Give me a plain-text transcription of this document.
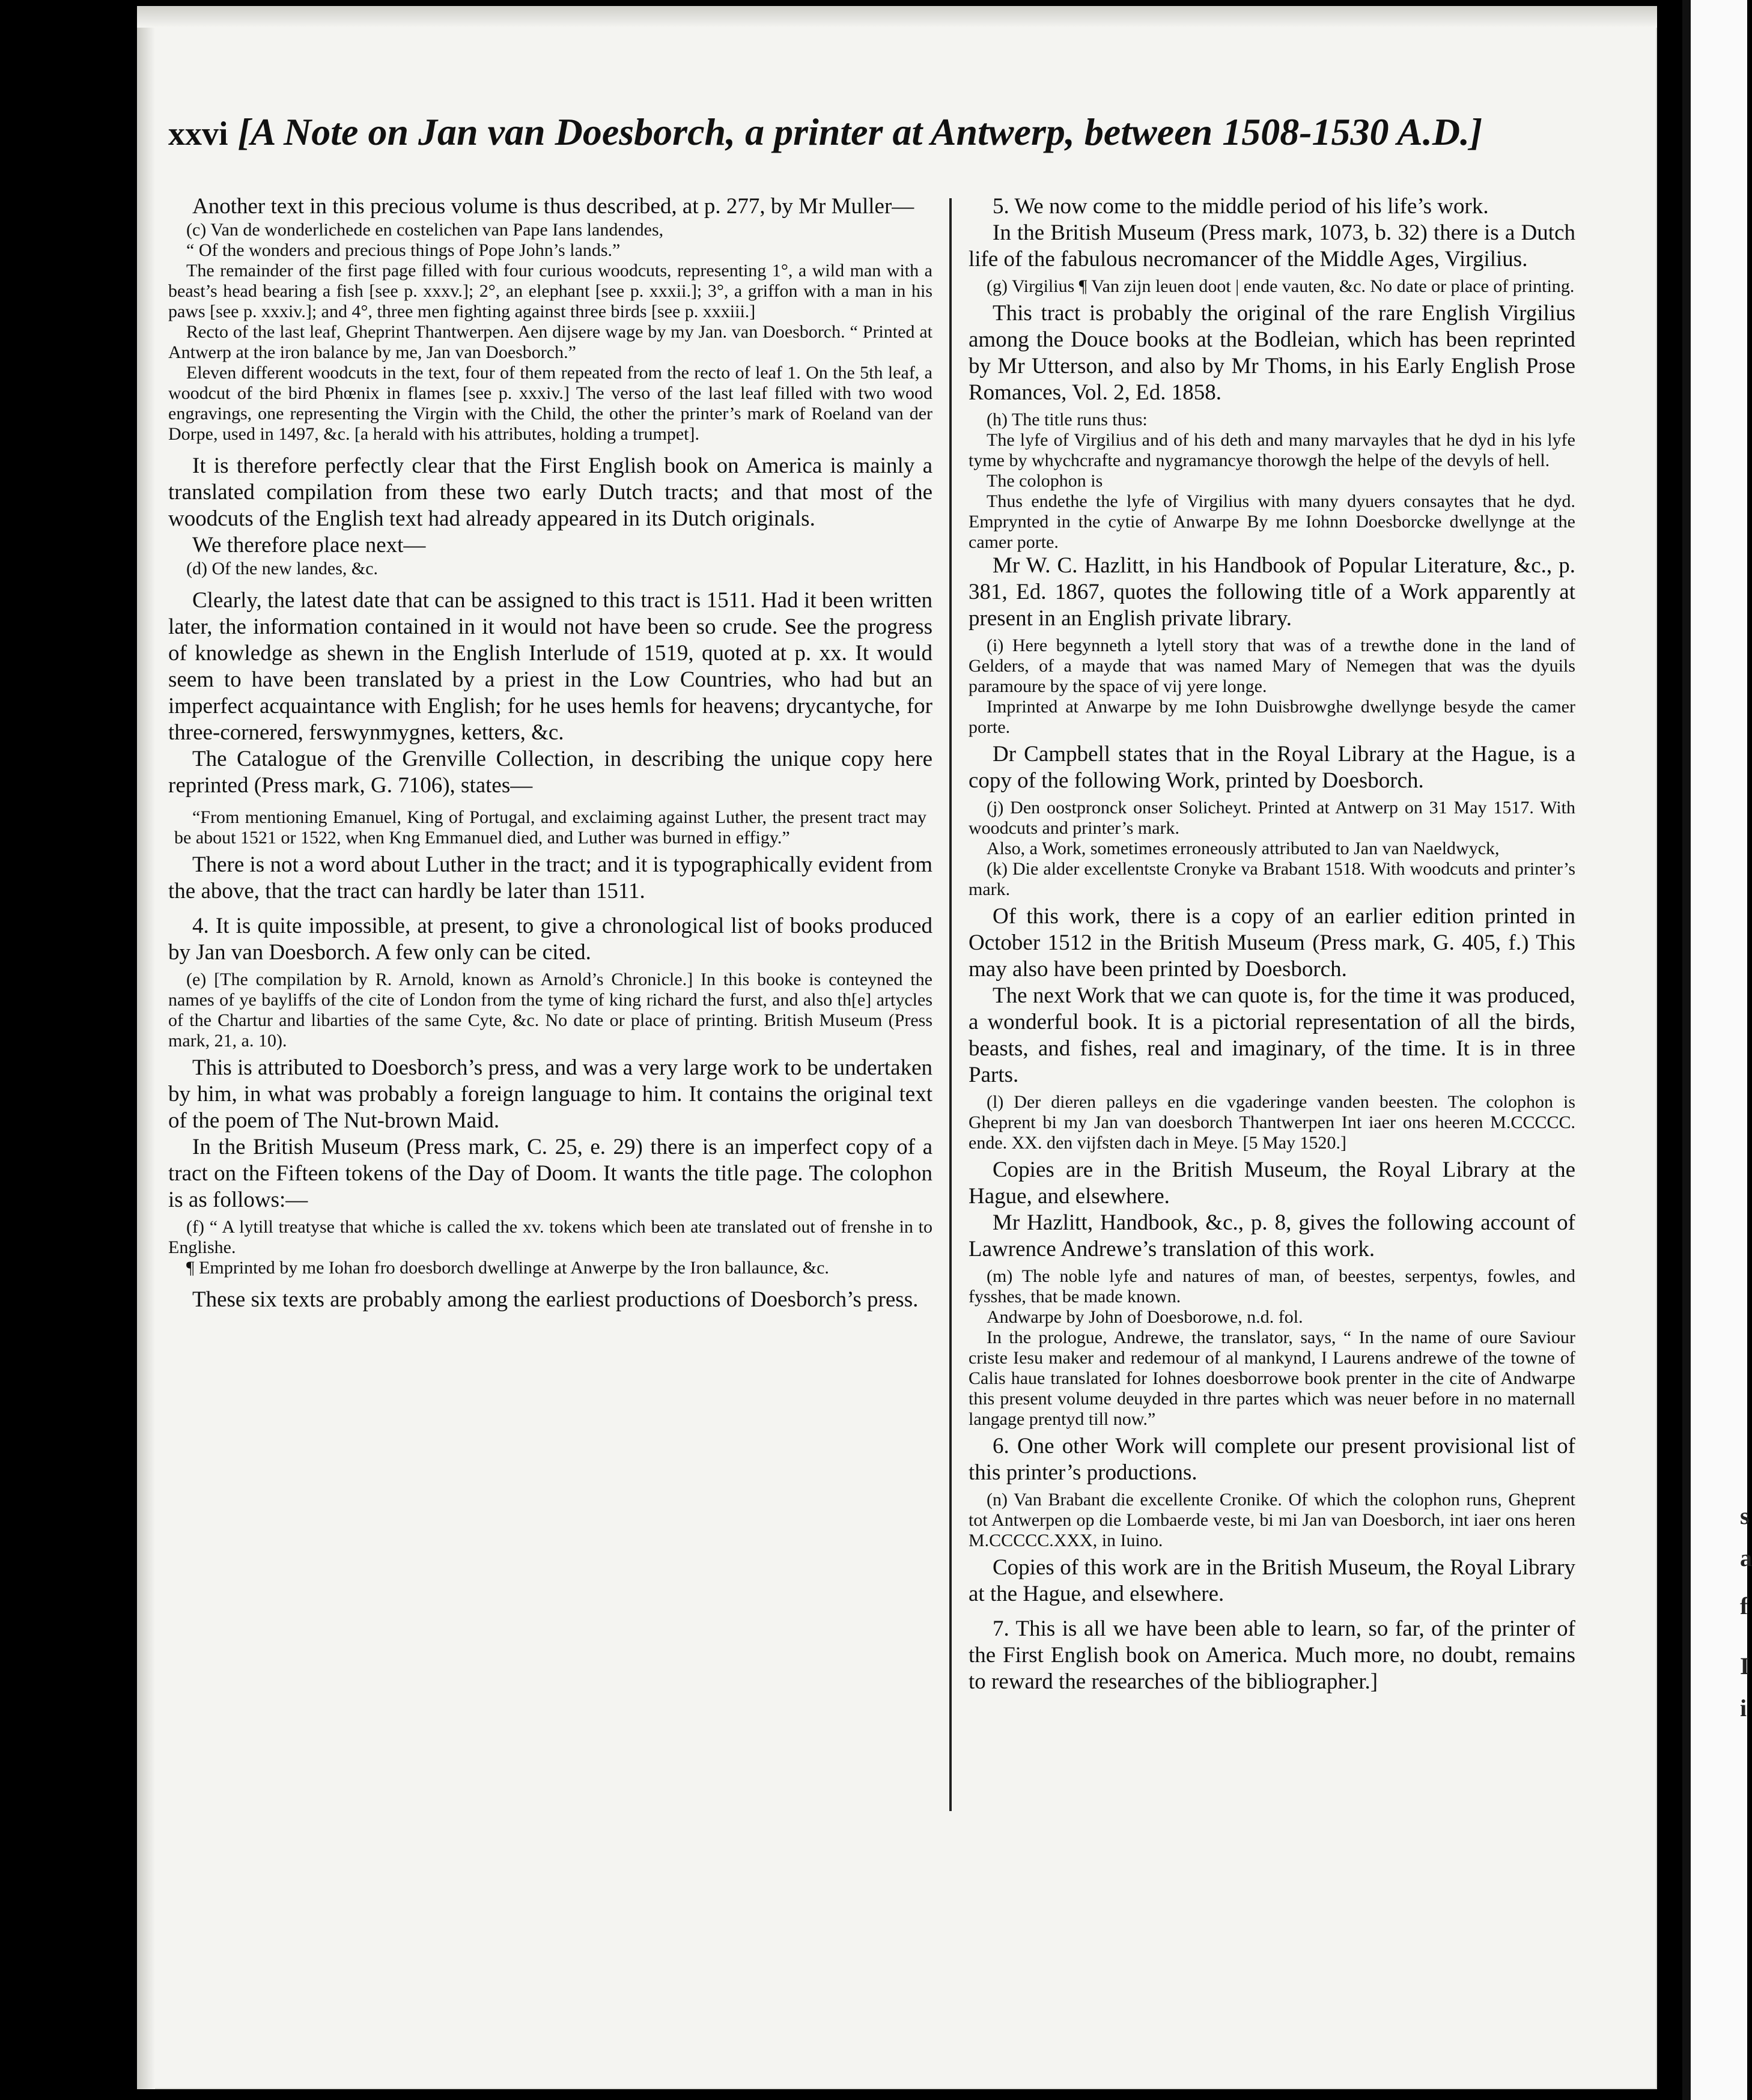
s
a
f
I
i
xxvi [A Note on Jan van Doesborch, a printer at Antwerp, between 1508-1530 A.D.]

Another text in this precious volume is thus described, at p. 277, by Mr Muller—

(c) Van de wonderlichede en costelichen van Pape Ians landendes,

“ Of the wonders and precious things of Pope John’s lands.”

The remainder of the first page filled with four curious woodcuts, representing 1°, a wild man with a beast’s head bearing a fish [see p. xxxv.]; 2°, an elephant [see p. xxxii.]; 3°, a griffon with a man in his paws [see p. xxxiv.]; and 4°, three men fighting against three birds [see p. xxxiii.]

Recto of the last leaf, Gheprint Thantwerpen. Aen dijsere wage by my Jan. van Doesborch. “ Printed at Antwerp at the iron balance by me, Jan van Doesborch.”

Eleven different woodcuts in the text, four of them repeated from the recto of leaf 1. On the 5th leaf, a woodcut of the bird Phœnix in flames [see p. xxxiv.] The verso of the last leaf filled with two wood engravings, one representing the Virgin with the Child, the other the printer’s mark of Roeland van der Dorpe, used in 1497, &c. [a herald with his attributes, holding a trumpet].

It is therefore perfectly clear that the First English book on America is mainly a translated compilation from these two early Dutch tracts; and that most of the woodcuts of the English text had already appeared in its Dutch originals.

We therefore place next—

(d) Of the new landes, &c.

Clearly, the latest date that can be assigned to this tract is 1511. Had it been written later, the information contained in it would not have been so crude. See the progress of knowledge as shewn in the English Interlude of 1519, quoted at p. xx. It would seem to have been translated by a priest in the Low Countries, who had but an imperfect acquaintance with English; for he uses hemls for heavens; drycantyche, for three-cornered, ferswynmygnes, ketters, &c.

The Catalogue of the Grenville Collection, in describing the unique copy here reprinted (Press mark, G. 7106), states—

“From mentioning Emanuel, King of Portugal, and exclaiming against Luther, the present tract may be about 1521 or 1522, when Kng Emmanuel died, and Luther was burned in effigy.”

There is not a word about Luther in the tract; and it is typographically evident from the above, that the tract can hardly be later than 1511.

4. It is quite impossible, at present, to give a chronological list of books produced by Jan van Doesborch. A few only can be cited.

(e) [The compilation by R. Arnold, known as Arnold’s Chronicle.] In this booke is conteyned the names of ye bayliffs of the cite of London from the tyme of king richard the furst, and also th[e] artycles of the Chartur and libarties of the same Cyte, &c. No date or place of printing. British Museum (Press mark, 21, a. 10).

This is attributed to Doesborch’s press, and was a very large work to be undertaken by him, in what was probably a foreign language to him. It contains the original text of the poem of The Nut-brown Maid.

In the British Museum (Press mark, C. 25, e. 29) there is an imperfect copy of a tract on the Fifteen tokens of the Day of Doom. It wants the title page. The colophon is as follows:—

(f) “ A lytill treatyse that whiche is called the xv. tokens which been ate translated out of frenshe in to Englishe.

¶ Emprinted by me Iohan fro doesborch dwellinge at Anwerpe by the Iron ballaunce, &c.

These six texts are probably among the earliest productions of Doesborch’s press.

5. We now come to the middle period of his life’s work.

In the British Museum (Press mark, 1073, b. 32) there is a Dutch life of the fabulous necromancer of the Middle Ages, Virgilius.

(g) Virgilius ¶ Van zijn leuen doot | ende vauten, &c. No date or place of printing.

This tract is probably the original of the rare English Virgilius among the Douce books at the Bodleian, which has been reprinted by Mr Utterson, and also by Mr Thoms, in his Early English Prose Romances, Vol. 2, Ed. 1858.

(h) The title runs thus:

The lyfe of Virgilius and of his deth and many marvayles that he dyd in his lyfe tyme by whychcrafte and nygramancye thorowgh the helpe of the devyls of hell.

The colophon is

Thus endethe the lyfe of Virgilius with many dyuers consaytes that he dyd. Emprynted in the cytie of Anwarpe By me Iohnn Doesborcke dwellynge at the camer porte.

Mr W. C. Hazlitt, in his Handbook of Popular Literature, &c., p. 381, Ed. 1867, quotes the following title of a Work apparently at present in an English private library.

(i) Here begynneth a lytell story that was of a trewthe done in the land of Gelders, of a mayde that was named Mary of Nemegen that was the dyuils paramoure by the space of vij yere longe.

Imprinted at Anwarpe by me Iohn Duisbrowghe dwellynge besyde the camer porte.

Dr Campbell states that in the Royal Library at the Hague, is a copy of the following Work, printed by Doesborch.

(j) Den oostpronck onser Solicheyt. Printed at Antwerp on 31 May 1517. With woodcuts and printer’s mark.

Also, a Work, sometimes erroneously attributed to Jan van Naeldwyck,

(k) Die alder excellentste Cronyke va Brabant 1518. With woodcuts and printer’s mark.

Of this work, there is a copy of an earlier edition printed in October 1512 in the British Museum (Press mark, G. 405, f.) This may also have been printed by Doesborch.

The next Work that we can quote is, for the time it was produced, a wonderful book. It is a pictorial representation of all the birds, beasts, and fishes, real and imaginary, of the time. It is in three Parts.

(l) Der dieren palleys en die vgaderinge vanden beesten. The colophon is Gheprent bi my Jan van doesborch Thantwerpen Int iaer ons heeren M.CCCCC. ende. XX. den vijfsten dach in Meye. [5 May 1520.]

Copies are in the British Museum, the Royal Library at the Hague, and elsewhere.

Mr Hazlitt, Handbook, &c., p. 8, gives the following account of Lawrence Andrewe’s translation of this work.

(m) The noble lyfe and natures of man, of beestes, serpentys, fowles, and fysshes, that be made known.

Andwarpe by John of Doesborowe, n.d. fol.

In the prologue, Andrewe, the translator, says, “ In the name of oure Saviour criste Iesu maker and redemour of al mankynd, I Laurens andrewe of the towne of Calis haue translated for Iohnes doesborrowe book prenter in the cite of Andwarpe this present volume deuyded in thre partes which was neuer before in no maternall langage prentyd till now.”

6. One other Work will complete our present provisional list of this printer’s productions.

(n) Van Brabant die excellente Cronike. Of which the colophon runs, Gheprent tot Antwerpen op die Lombaerde veste, bi mi Jan van Doesborch, int iaer ons heren M.CCCCC.XXX, in Iuino.

Copies of this work are in the British Museum, the Royal Library at the Hague, and elsewhere.

7. This is all we have been able to learn, so far, of the printer of the First English book on America. Much more, no doubt, remains to reward the researches of the bibliographer.]
